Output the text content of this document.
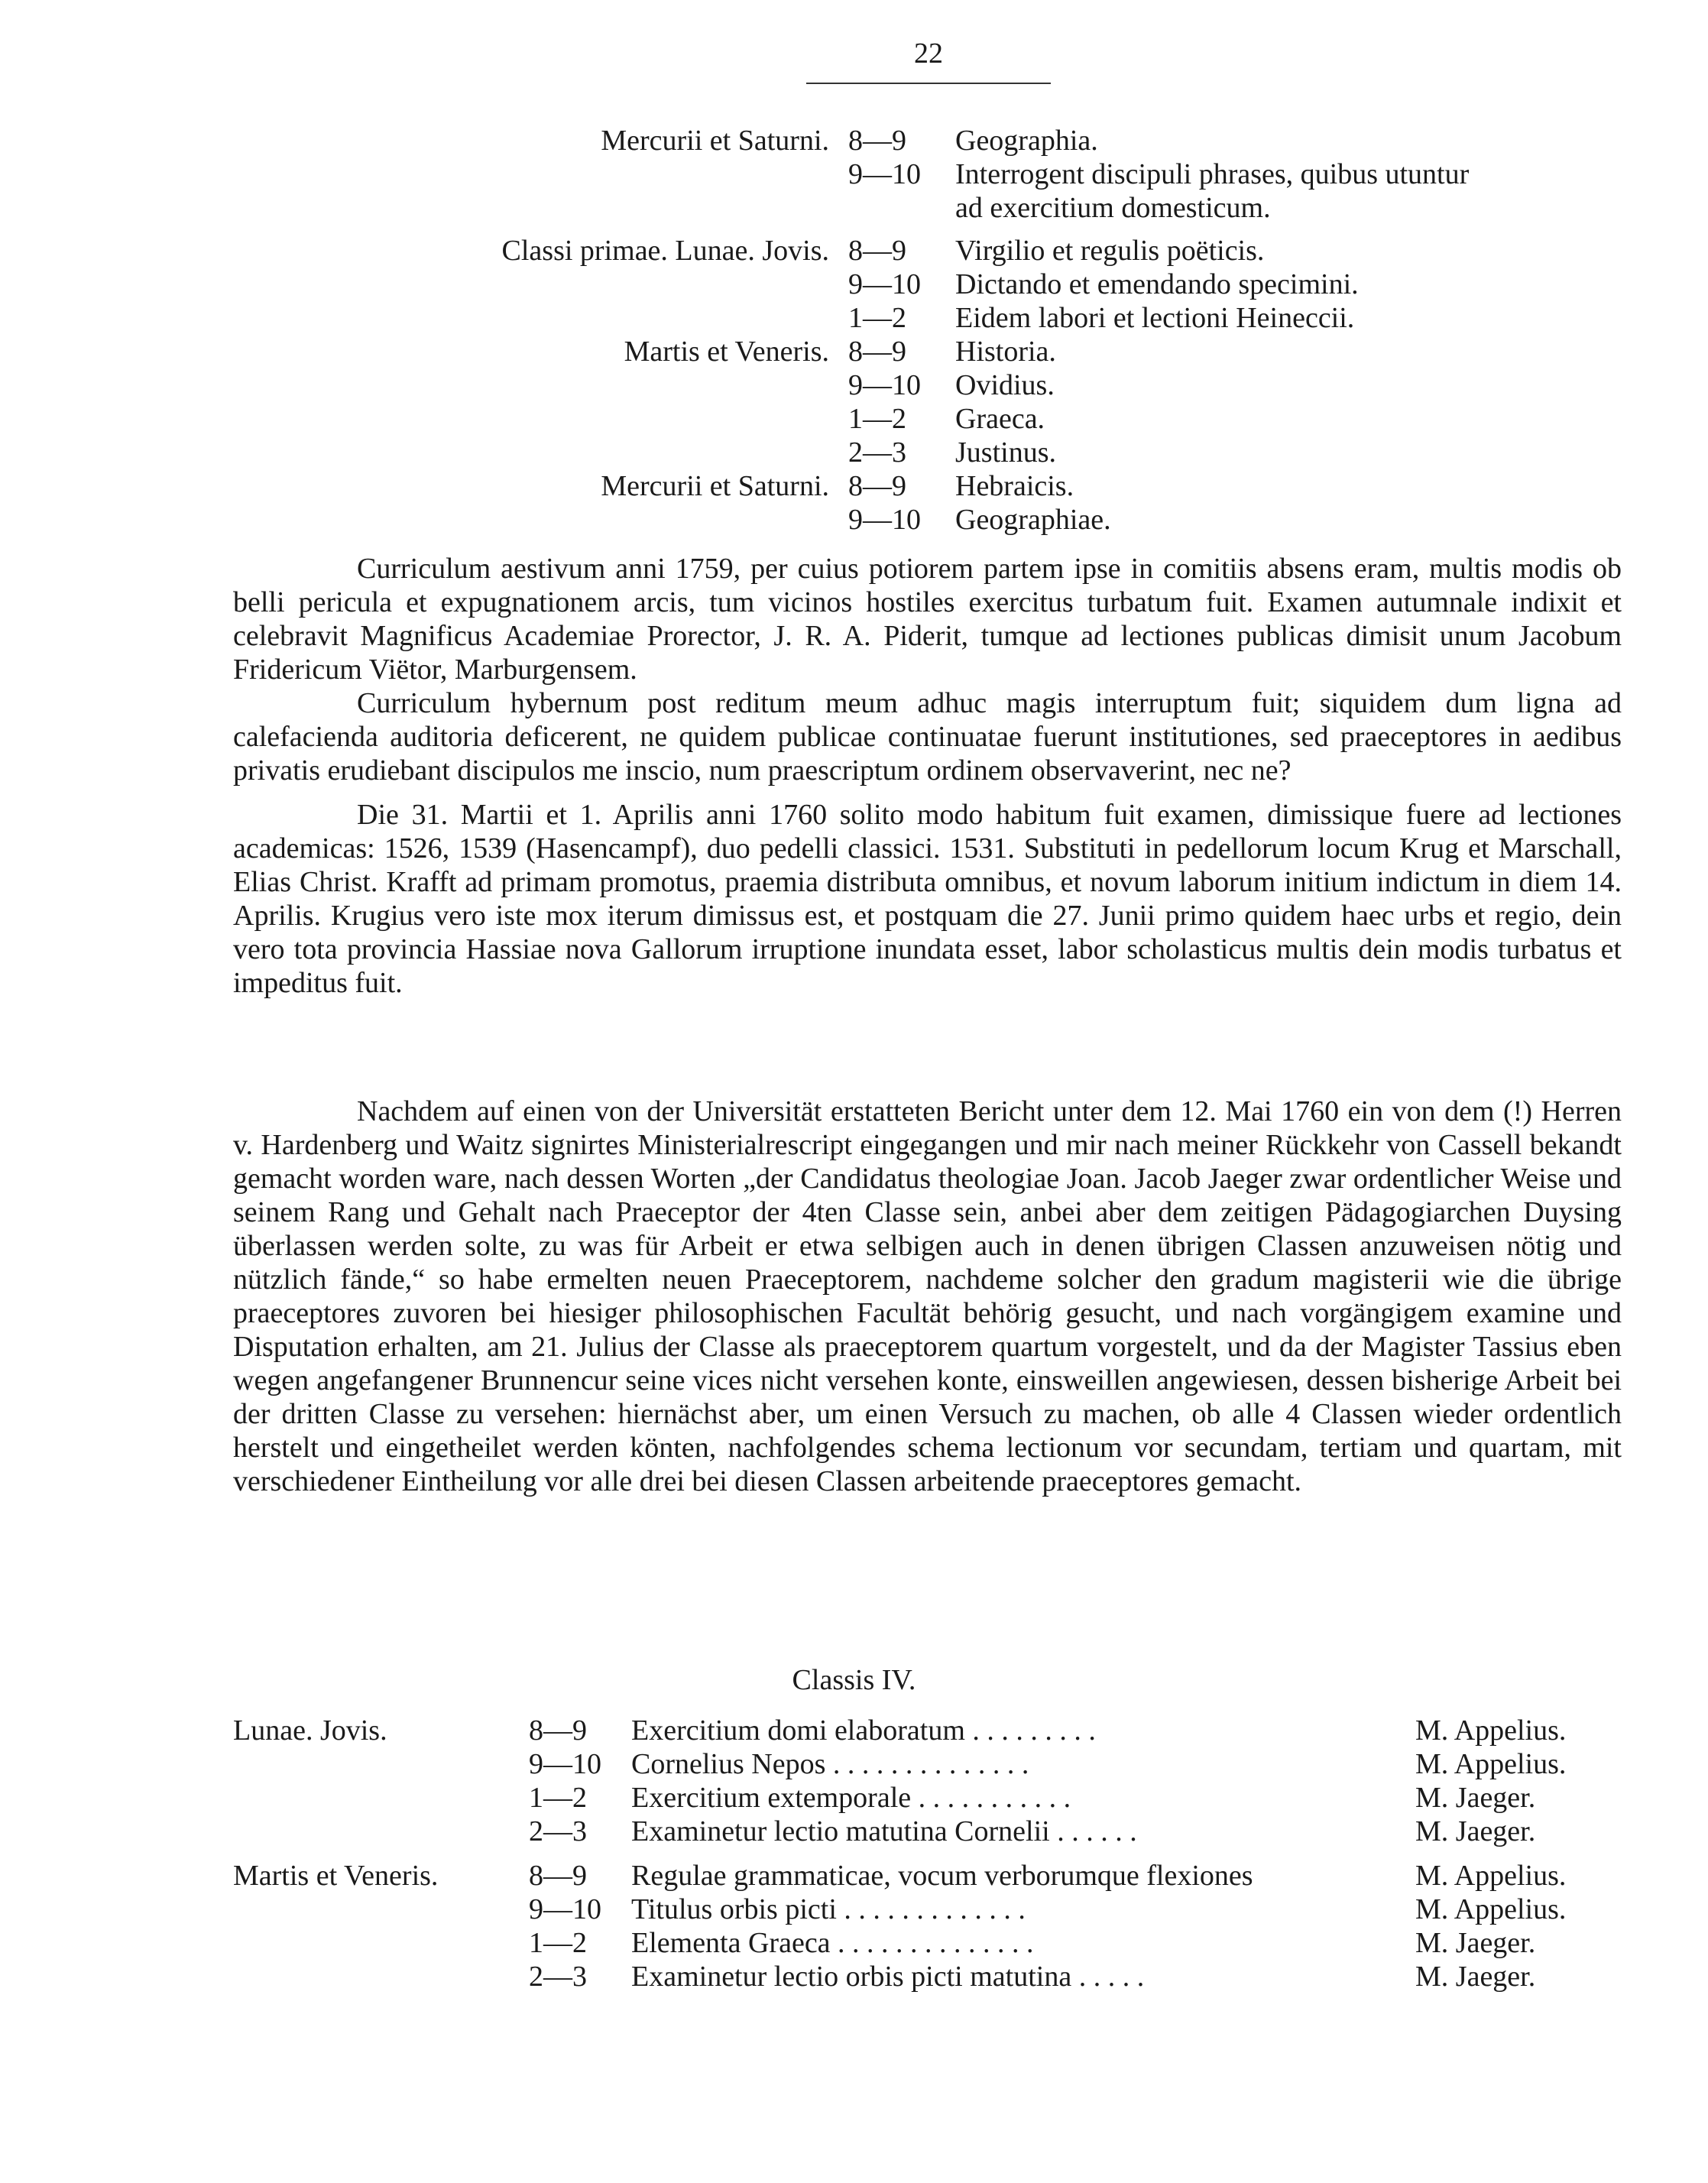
22
Mercurii et Saturni. 8—9 Geographia.
9—10 Interrogent discipuli phrases, quibus utuntur
ad exercitium domesticum.
Classi primae. Lunae. Jovis. 8—9 Virgilio et regulis poëticis.
9—10 Dictando et emendando specimini.
1—2 Eidem labori et lectioni Heineccii.
Martis et Veneris. 8—9 Historia.
9—10 Ovidius.
1—2 Graeca.
2—3 Justinus.
Mercurii et Saturni. 8—9 Hebraicis.
9—10 Geographiae.

Curriculum aestivum anni 1759, per cuius potiorem partem ipse in comitiis absens eram, multis modis ob belli pericula et expugnationem arcis, tum vicinos hostiles exercitus turbatum fuit. Examen autumnale indixit et celebravit Magnificus Academiae Prorector, J. R. A. Piderit, tumque ad lectiones publicas dimisit unum Jacobum Fridericum Viëtor, Marburgensem.

Curriculum hybernum post reditum meum adhuc magis interruptum fuit; siquidem dum ligna ad calefacienda auditoria deficerent, ne quidem publicae continuatae fuerunt institutiones, sed praeceptores in aedibus privatis erudiebant discipulos me inscio, num praescriptum ordinem observaverint, nec ne?

Die 31. Martii et 1. Aprilis anni 1760 solito modo habitum fuit examen, dimissique fuere ad lectiones academicas: 1526, 1539 (Hasencampf), duo pedelli classici. 1531. Substituti in pedellorum locum Krug et Marschall, Elias Christ. Krafft ad primam promotus, praemia distributa omnibus, et novum laborum initium indictum in diem 14. Aprilis. Krugius vero iste mox iterum dimissus est, et postquam die 27. Junii primo quidem haec urbs et regio, dein vero tota provincia Hassiae nova Gallorum irruptione inundata esset, labor scholasticus multis dein modis turbatus et impeditus fuit.

Nachdem auf einen von der Universität erstatteten Bericht unter dem 12. Mai 1760 ein von dem (!) Herren v. Hardenberg und Waitz signirtes Ministerialrescript eingegangen und mir nach meiner Rückkehr von Cassell bekandt gemacht worden ware, nach dessen Worten „der Candidatus theologiae Joan. Jacob Jaeger zwar ordentlicher Weise und seinem Rang und Gehalt nach Praeceptor der 4ten Classe sein, anbei aber dem zeitigen Pädagogiarchen Duysing überlassen werden solte, zu was für Arbeit er etwa selbigen auch in denen übrigen Classen anzuweisen nötig und nützlich fände,“ so habe ermelten neuen Praeceptorem, nachdeme solcher den gradum magisterii wie die übrige praeceptores zuvoren bei hiesiger philosophischen Facultät behörig gesucht, und nach vorgängigem examine und Disputation erhalten, am 21. Julius der Classe als praeceptorem quartum vorgestelt, und da der Magister Tassius eben wegen angefangener Brunnencur seine vices nicht versehen konte, einsweillen angewiesen, dessen bisherige Arbeit bei der dritten Classe zu versehen: hiernächst aber, um einen Versuch zu machen, ob alle 4 Classen wieder ordentlich herstelt und eingetheilet werden könten, nachfolgendes schema lectionum vor secundam, tertiam und quartam, mit verschiedener Eintheilung vor alle drei bei diesen Classen arbeitende praeceptores gemacht.

Classis IV.
Lunae. Jovis.	8—9 Exercitium domi elaboratum . . . . . . . . .	M. Appelius.
9—10 Cornelius Nepos . . . . . . . . . . . . . .	M. Appelius.
1—2 Exercitium extemporale . . . . . . . . . . .	M. Jaeger.
2—3 Examinetur lectio matutina Cornelii . . . . . .	M. Jaeger.
Martis et Veneris.	8—9 Regulae grammaticae, vocum verborumque flexiones	M. Appelius.
9—10 Titulus orbis picti . . . . . . . . . . . . .	M. Appelius.
1—2 Elementa Graeca . . . . . . . . . . . . . .	M. Jaeger.
2—3 Examinetur lectio orbis picti matutina . . . . .	M. Jaeger.
